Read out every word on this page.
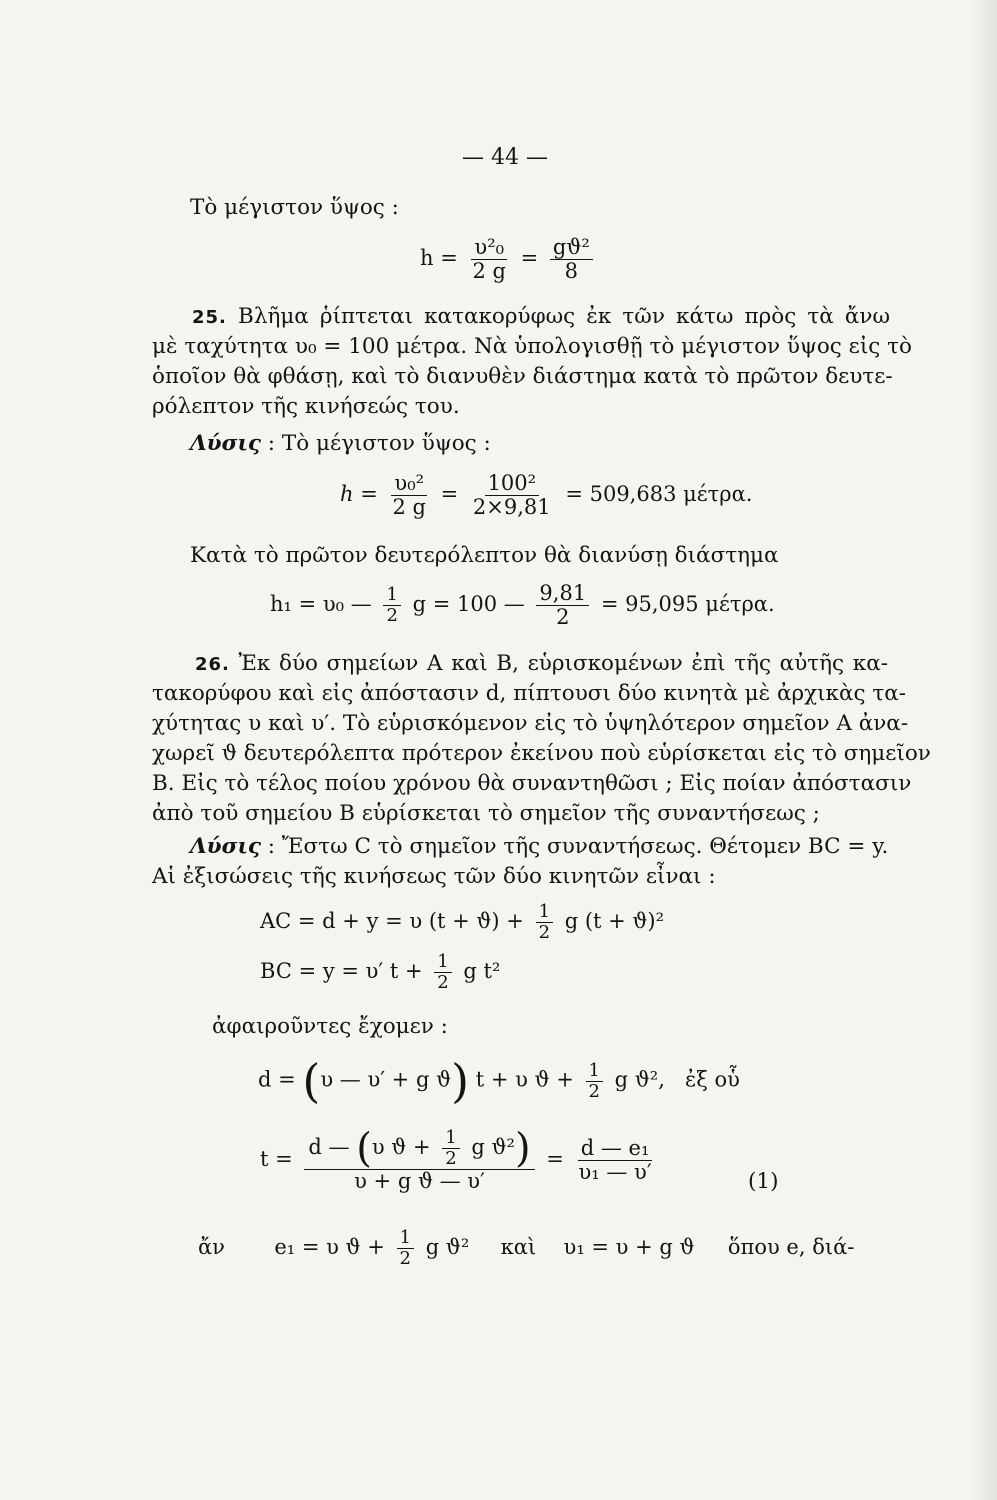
— 44 —
Τὸ μέγιστον ὕψος :
$h = \frac{\text{υ²₀}}{2 g} = \frac{\text{gϑ²}}{8}$
25. Βλῆμα ῥίπτεται κατακορύφως ἐκ τῶν κάτω πρὸς τὰ ἄνω
μὲ ταχύτητα υ₀ = 100 μέτρα. Νὰ ὑπολογισθῇ τὸ μέγιστον ὕψος εἰς τὸ
ὁποῖον θὰ φθάσῃ, καὶ τὸ διανυθὲν διάστημα κατὰ τὸ πρῶτον δευτε-
ρόλεπτον τῆς κινήσεώς του.
Λύσις : Τὸ μέγιστον ὕψος :
$h = \frac{\text{υ₀²}}{2 g} = \frac{\text{100²}}{2\times 9,81} = 509,683$ μέτρα.
Κατὰ τὸ πρῶτον δευτερόλεπτον θὰ διανύσῃ διάστημα
h₁ = υ₀ — $\frac{1}{2}$ g = 100 — $\frac{9,81}{2} = 95,095$ μέτρα.
26. Ἐκ δύο σημείων Α καὶ Β, εὑρισκομένων ἐπὶ τῆς αὐτῆς κα-
τακορύφου καὶ εἰς ἀπόστασιν d, πίπτουσι δύο κινητὰ μὲ ἀρχικὰς τα-
χύτητας υ καὶ υ′. Τὸ εὑρισκόμενον εἰς τὸ ὑψηλότερον σημεῖον Α ἀνα-
χωρεῖ ϑ δευτερόλεπτα πρότερον ἐκείνου ποὺ εὑρίσκεται εἰς τὸ σημεῖον
Β. Εἰς τὸ τέλος ποίου χρόνου θὰ συναντηθῶσι ; Εἰς ποίαν ἀπόστασιν
ἀπὸ τοῦ σημείου Β εὑρίσκεται τὸ σημεῖον τῆς συναντήσεως ;
Λύσις : Ἔστω C τὸ σημεῖον τῆς συναντήσεως. Θέτομεν BC = y.
Αἱ ἐξισώσεις τῆς κινήσεως τῶν δύο κινητῶν εἶναι :
AC = d + y = υ $(t + ϑ) + \frac{1}{2}$ g (t + ϑ)²
BC = y = υ′ $t + \frac{1}{2}$ g t²
ἀφαιροῦντες ἔχομεν :
d = (υ — υ′ + g ϑ) t + υ $ϑ + \frac{1}{2}$ g ϑ², ἐξ οὗ
t =
d — (υ $ϑ + \frac{1}{2}$ g ϑ²)
υ + g ϑ — υ′
= $\frac{\text{d — e₁}}{\text{υ₁ — υ′}}$	(1)
ἄν e₁ = υ $ϑ + \frac{1}{2}$ g ϑ² καὶ υ₁ = υ + g ϑ ὅπου e, διά-
